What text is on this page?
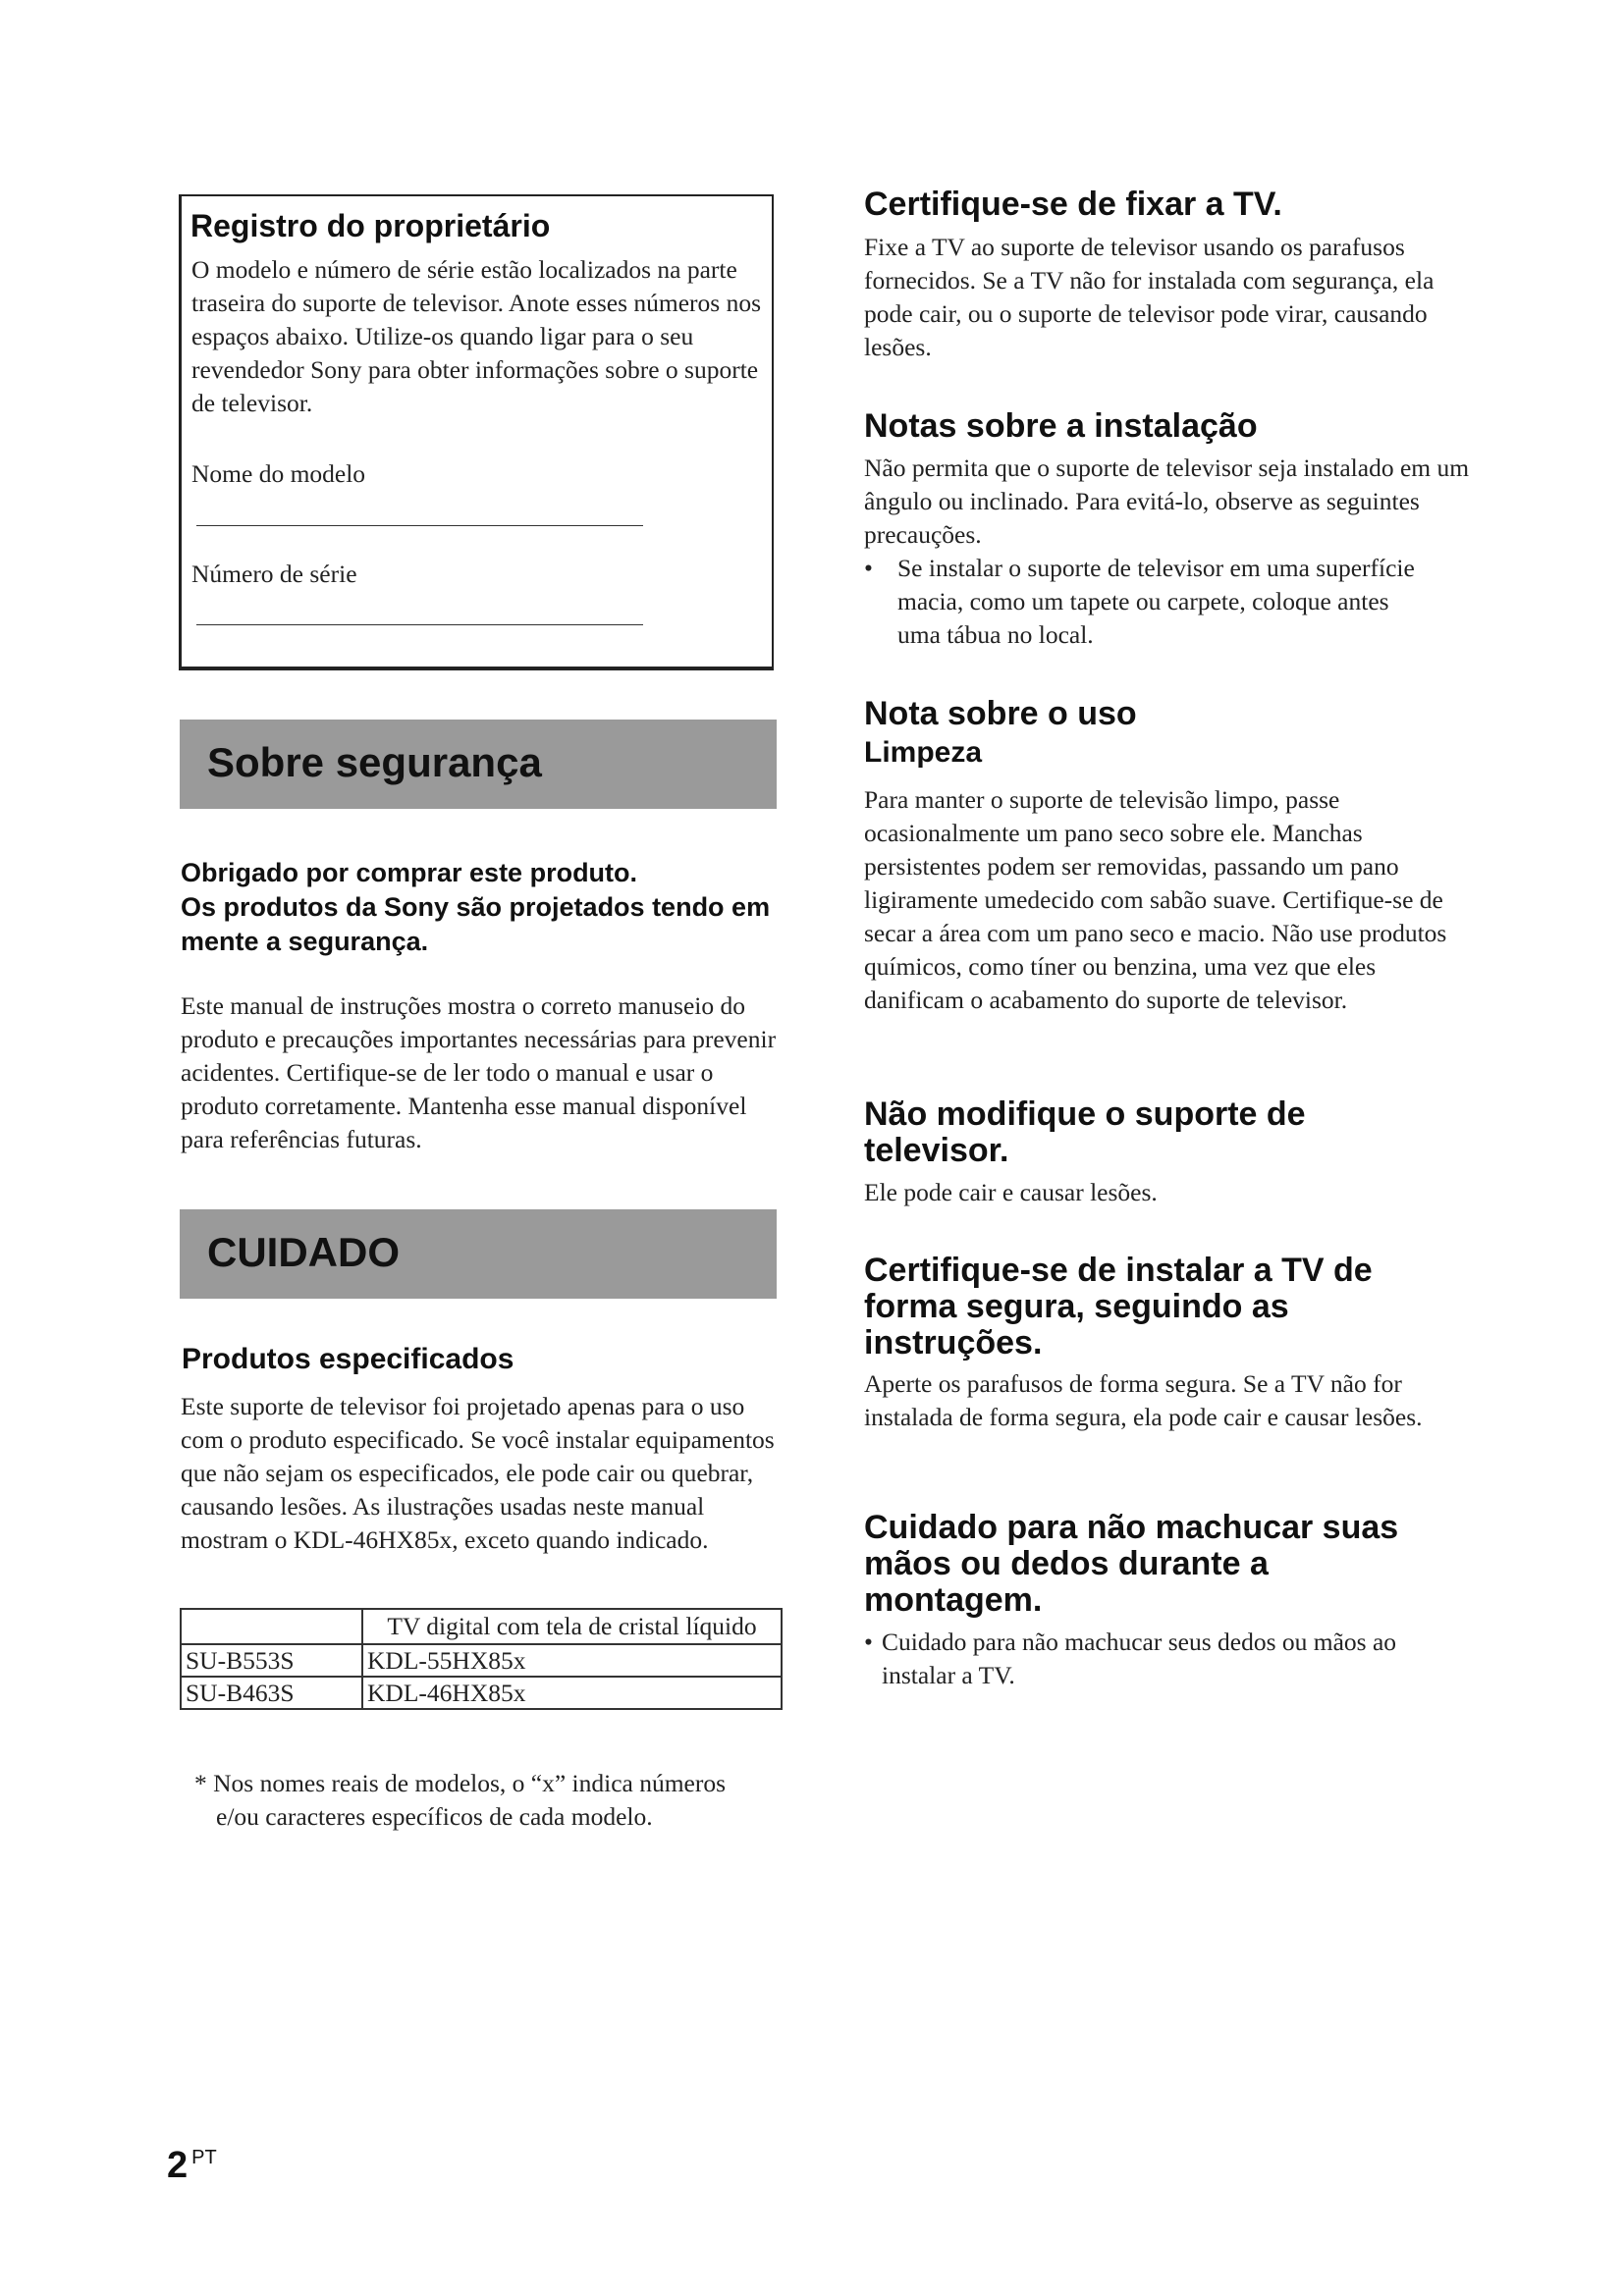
Registro do proprietário
O modelo e número de série estão localizados na parte traseira do suporte de televisor. Anote esses números nos espaços abaixo. Utilize-os quando ligar para o seu revendedor Sony para obter informações sobre o suporte de televisor.
Nome do modelo
Número de série
Sobre segurança
Obrigado por comprar este produto.
Os produtos da Sony são projetados tendo em mente a segurança.

Este manual de instruções mostra o correto manuseio do produto e precauções importantes necessárias para prevenir acidentes. Certifique-se de ler todo o manual e usar o produto corretamente. Mantenha esse manual disponível para referências futuras.

CUIDADO
Produtos especificados

Este suporte de televisor foi projetado apenas para o uso com o produto especificado. Se você instalar equipamentos que não sejam os especificados, ele pode cair ou quebrar, causando lesões. As ilustrações usadas neste manual mostram o KDL-46HX85x, exceto quando indicado.

	TV digital com tela de cristal líquido
SU-B553S	KDL-55HX85x
SU-B463S	KDL-46HX85x
* Nos nomes reais de modelos, o “x” indica números e/ou caracteres específicos de cada modelo.
Certifique-se de fixar a TV.

Fixe a TV ao suporte de televisor usando os parafusos fornecidos. Se a TV não for instalada com segurança, ela pode cair, ou o suporte de televisor pode virar, causando lesões.

Notas sobre a instalação

Não permita que o suporte de televisor seja instalado em um ângulo ou inclinado. Para evitá-lo, observe as seguintes precauções.

• Se instalar o suporte de televisor em uma superfície macia, como um tapete ou carpete, coloque antes uma tábua no local.
Nota sobre o uso
Limpeza

Para manter o suporte de televisão limpo, passe ocasionalmente um pano seco sobre ele. Manchas persistentes podem ser removidas, passando um pano ligiramente umedecido com sabão suave. Certifique-se de secar a área com um pano seco e macio. Não use produtos químicos, como tíner ou benzina, uma vez que eles danificam o acabamento do suporte de televisor.

Não modifique o suporte de televisor.

Ele pode cair e causar lesões.

Certifique-se de instalar a TV de forma segura, seguindo as instruções.

Aperte os parafusos de forma segura. Se a TV não for instalada de forma segura, ela pode cair e causar lesões.

Cuidado para não machucar suas mãos ou dedos durante a montagem.
• Cuidado para não machucar seus dedos ou mãos ao instalar a TV.
2 PT
